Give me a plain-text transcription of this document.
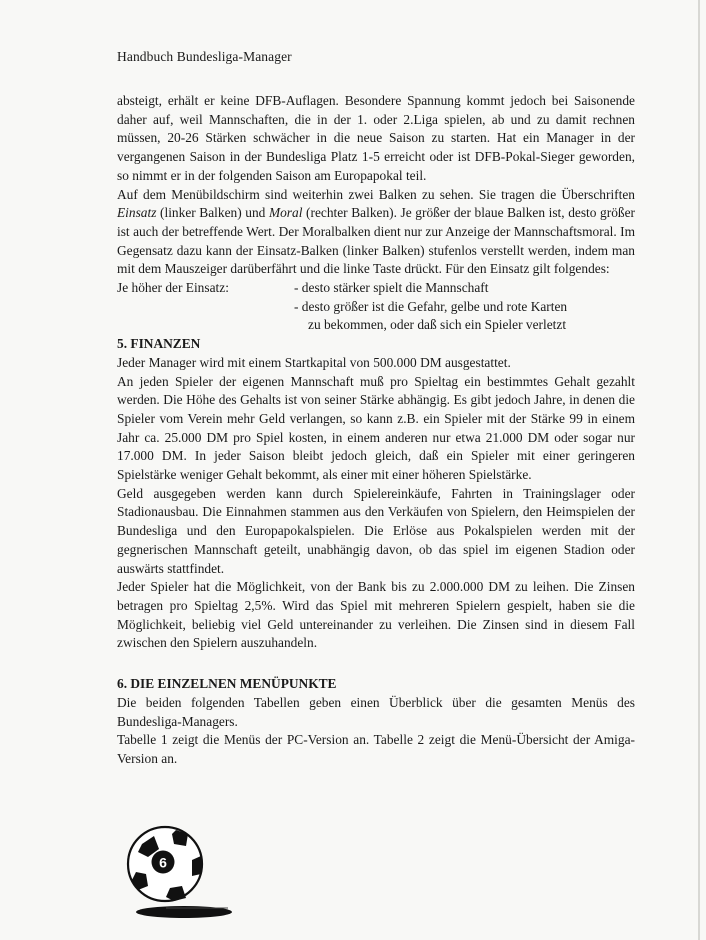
Handbuch Bundesliga-Manager

absteigt, erhält er keine DFB-Auflagen. Besondere Spannung kommt jedoch bei Saisonende daher auf, weil Mannschaften, die in der 1. oder 2.Liga spielen, ab und zu damit rechnen müssen, 20-26 Stärken schwächer in die neue Saison zu starten. Hat ein Manager in der vergangenen Saison in der Bundesliga Platz 1-5 erreicht oder ist DFB-Pokal-Sieger geworden, so nimmt er in der folgenden Saison am Europapokal teil.

Auf dem Menübildschirm sind weiterhin zwei Balken zu sehen. Sie tragen die Überschriften Einsatz (linker Balken) und Moral (rechter Balken). Je größer der blaue Balken ist, desto größer ist auch der betreffende Wert. Der Moralbalken dient nur zur Anzeige der Mannschaftsmoral. Im Gegensatz dazu kann der Einsatz-Balken (linker Balken) stufenlos verstellt werden, indem man mit dem Mauszeiger darüberfährt und die linke Taste drückt. Für den Einsatz gilt folgendes:

Je höher der Einsatz:	- desto stärker spielt die Mannschaft
- desto größer ist die Gefahr, gelbe und rote Karten
zu bekommen, oder daß sich ein Spieler verletzt

5. FINANZEN

Jeder Manager wird mit einem Startkapital von 500.000 DM ausgestattet.

An jeden Spieler der eigenen Mannschaft muß pro Spieltag ein bestimmtes Gehalt gezahlt werden. Die Höhe des Gehalts ist von seiner Stärke abhängig. Es gibt jedoch Jahre, in denen die Spieler vom Verein mehr Geld verlangen, so kann z.B. ein Spieler mit der Stärke 99 in einem Jahr ca. 25.000 DM pro Spiel kosten, in einem anderen nur etwa 21.000 DM oder sogar nur 17.000 DM. In jeder Saison bleibt jedoch gleich, daß ein Spieler mit einer geringeren Spielstärke weniger Gehalt bekommt, als einer mit einer höheren Spielstärke.

Geld ausgegeben werden kann durch Spielereinkäufe, Fahrten in Trainingslager oder Stadionausbau. Die Einnahmen stammen aus den Verkäufen von Spielern, den Heimspielen der Bundesliga und den Europapokalspielen. Die Erlöse aus Pokalspielen werden mit der gegnerischen Mannschaft geteilt, unabhängig davon, ob das spiel im eigenen Stadion oder auswärts stattfindet.

Jeder Spieler hat die Möglichkeit, von der Bank bis zu 2.000.000 DM zu leihen. Die Zinsen betragen pro Spieltag 2,5%. Wird das Spiel mit mehreren Spielern gespielt, haben sie die Möglichkeit, beliebig viel Geld untereinander zu verleihen. Die Zinsen sind in diesem Fall zwischen den Spielern auszuhandeln.

6. DIE EINZELNEN MENÜPUNKTE

Die beiden folgenden Tabellen geben einen Überblick über die gesamten Menüs des Bundesliga-Managers.

Tabelle 1 zeigt die Menüs der PC-Version an. Tabelle 2 zeigt die Menü-Übersicht der Amiga-Version an.

6
